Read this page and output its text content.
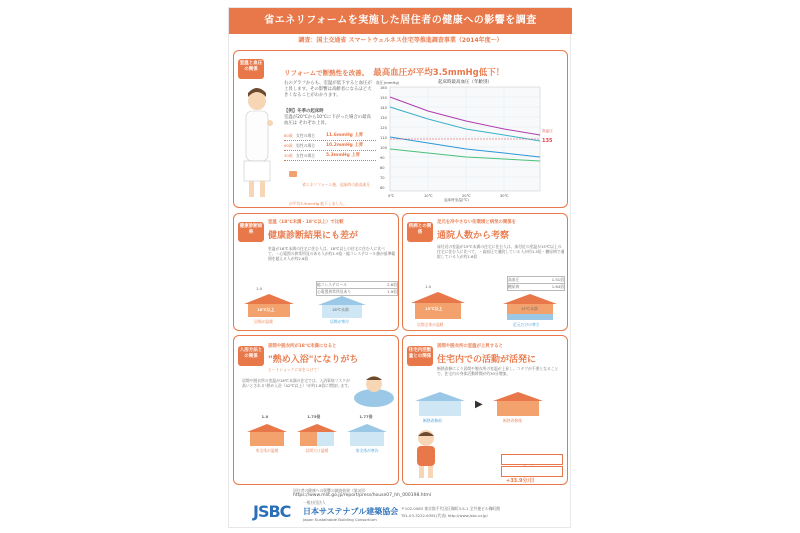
省エネリフォームを実施した居住者の健康への影響を調査
調査：国土交通省 スマートウェルネス住宅等推進調査事業（2014年度〜）
室温と血圧の関係	リフォームで断熱性を改善。 最高血圧が平均3.5mmHg低下！
右のグラフからも、室温が低下すると血圧が上昇します。その影響は高齢者になるほど大きくなることがわかります。
【例】冬季の起床時
室温が20℃から10℃に下がった場合の最高血圧は それぞれ上昇。
80歳 女性の場合	11.6mmHg 上昇
60歳 男性の場合	10.2mmHg 上昇
30歳 女性の場合	5.3mmHg 上昇
省エネリフォーム後、起床時の最高血圧が平均3.5mmHg 低下しました。
起床時最高血圧（年齢別）
血圧(mmHg)
160
150
140
130
120
110
100
90
80
70
60
0℃	10℃	20℃	30℃
高血圧
135
起床時室温(℃)
健康診断結果
室温（18℃未満・18℃以上）で比較
健康診断結果にも差が
室温が18℃未満の住宅に住む人は、18℃以上の住宅に住む人に比べて、・心電図の異常所見のある人が約1.9倍・総コレステロール値が基準範囲を超える人が約2.6倍
総コレステロール	2.6倍
心電図異常所見あり	1.9倍
1.0
18℃以上
居間が温暖
18℃未満
居間が寒冷
疾病との関係
足元を冷やさない住環境と病気の関係を
通院人数から考察
床付近の室温が15℃未満の住宅に住む人は、床付近の室温が15℃以上の住宅に住む人に比べて、・高血圧で通院している人が約1.5倍・糖尿病で通院している人が約1.6倍
高血圧	1.51倍
糖尿病	1.64倍
1.0
15℃以上
居間全体が温暖
15℃未満
足元だけの寒さ
入浴方法との関係
居間や脱衣所が18℃未満になると
"熱め入浴"になりがち
ヒートショックに気をつけて！
居間や脱衣所の室温が18℃未満の住宅では、入浴事故リスクが高いとされる"熱め入浴（42℃以上）"が約1.8倍に増加します。
1.0	1.75倍	1.77倍
家全体が温暖	居間だけ温暖	家全体が寒冷
住宅内活動量との関係
居間や脱衣所の室温が上昇すると
住宅内での活動が活発に
断熱改修により居間や脱衣所の室温が上昇し、コタツが不要となることで、住宅内の身体活動時間が約30分増加。
断熱改修前
▶
断熱改修後
+33.9分/日
居住者の健康への影響の調査結果（第3回）
https://www.mlit.go.jp/report/press/house07_hh_000198.html
JSBC	一般社団法人
日本サステナブル建築協会
Japan Sustainable Building Consortium
〒102-0083 東京都千代田区麹町3-5-1 全共連ビル麹町館
TEL.03-3222-6391(代表) http://www.jsbc.or.jp/
